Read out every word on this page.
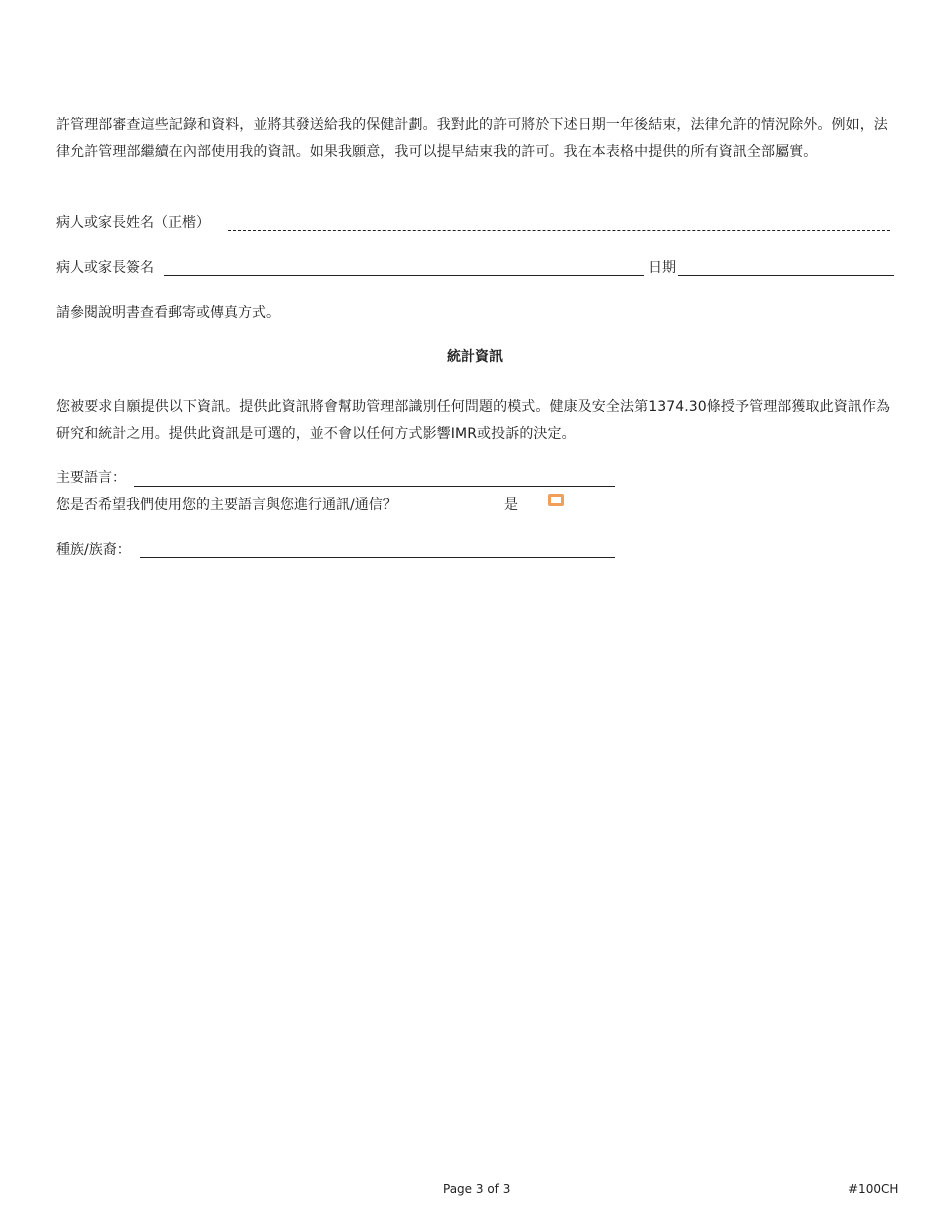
許管理部審查這些記錄和資料，並將其發送給我的保健計劃。我對此的許可將於下述日期一年後結束，法律允許的情況除外。例如，法律允許管理部繼續在內部使用我的資訊。如果我願意，我可以提早結束我的許可。我在本表格中提供的所有資訊全部屬實。
病人或家長姓名（正楷）
病人或家長簽名	日期
請參閱說明書查看郵寄或傳真方式。
統計資訊
您被要求自願提供以下資訊。提供此資訊將會幫助管理部識別任何問題的模式。健康及安全法第1374.30條授予管理部獲取此資訊作為研究和統計之用。提供此資訊是可選的，並不會以任何方式影響IMR或投訴的決定。
主要語言：
您是否希望我們使用您的主要語言與您進行通訊/通信？	是
種族/族裔：
Page 3 of 3	#100CH
